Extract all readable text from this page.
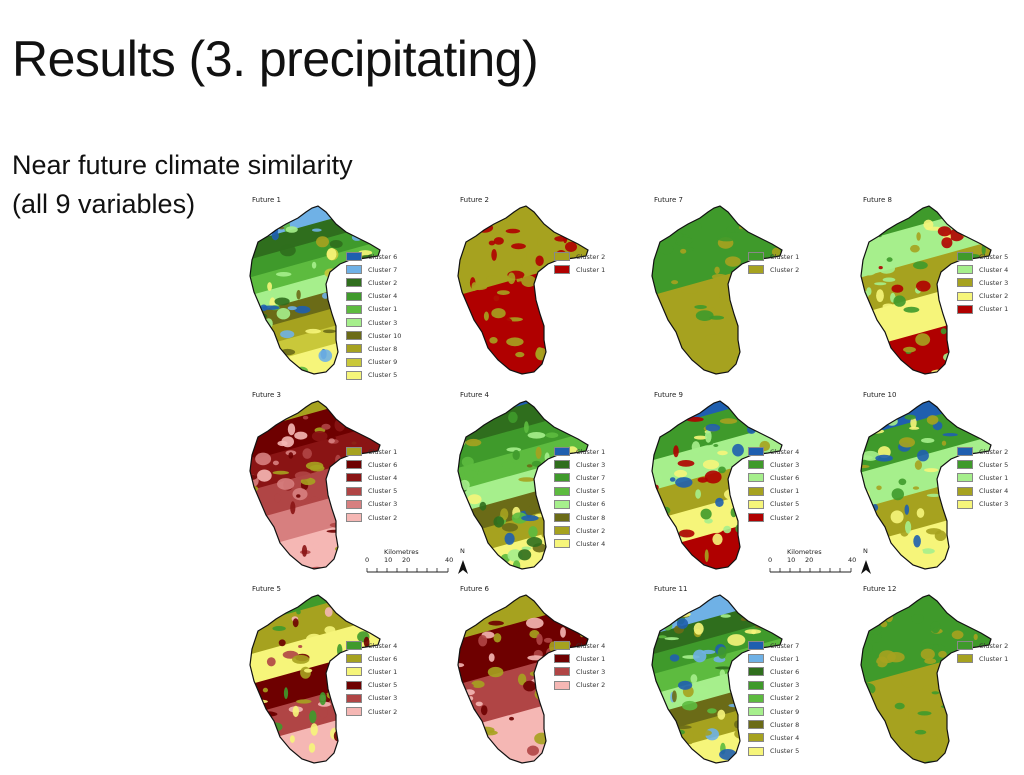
Results (3. precipitating)
Near future climate similarity
(all 9 variables)	Future 1
Cluster 6
Cluster 7
Cluster 2
Cluster 4
Cluster 1
Cluster 3
Cluster 10
Cluster 8
Cluster 9
Cluster 5
Future 2
Cluster 2
Cluster 1
Future 7
Cluster 1
Cluster 2
Future 8
Cluster 5
Cluster 4
Cluster 3
Cluster 2
Cluster 1
Future 3
Cluster 1
Cluster 6
Cluster 4
Cluster 5
Cluster 3
Cluster 2
Future 4
Cluster 1
Cluster 3
Cluster 7
Cluster 5
Cluster 6
Cluster 8
Cluster 2
Cluster 4
Future 9
Cluster 4
Cluster 3
Cluster 6
Cluster 1
Cluster 5
Cluster 2
Future 10
Cluster 2
Cluster 5
Cluster 1
Cluster 4
Cluster 3
Future 5
Cluster 4
Cluster 6
Cluster 1
Cluster 5
Cluster 3
Cluster 2
Future 6
Cluster 4
Cluster 1
Cluster 3
Cluster 2
Future 11
Cluster 7
Cluster 1
Cluster 6
Cluster 3
Cluster 2
Cluster 9
Cluster 8
Cluster 4
Cluster 5
Future 12
Cluster 2
Cluster 1
Kilometres
0 10 20	40
N	Kilometres
0 10 20	40
N
